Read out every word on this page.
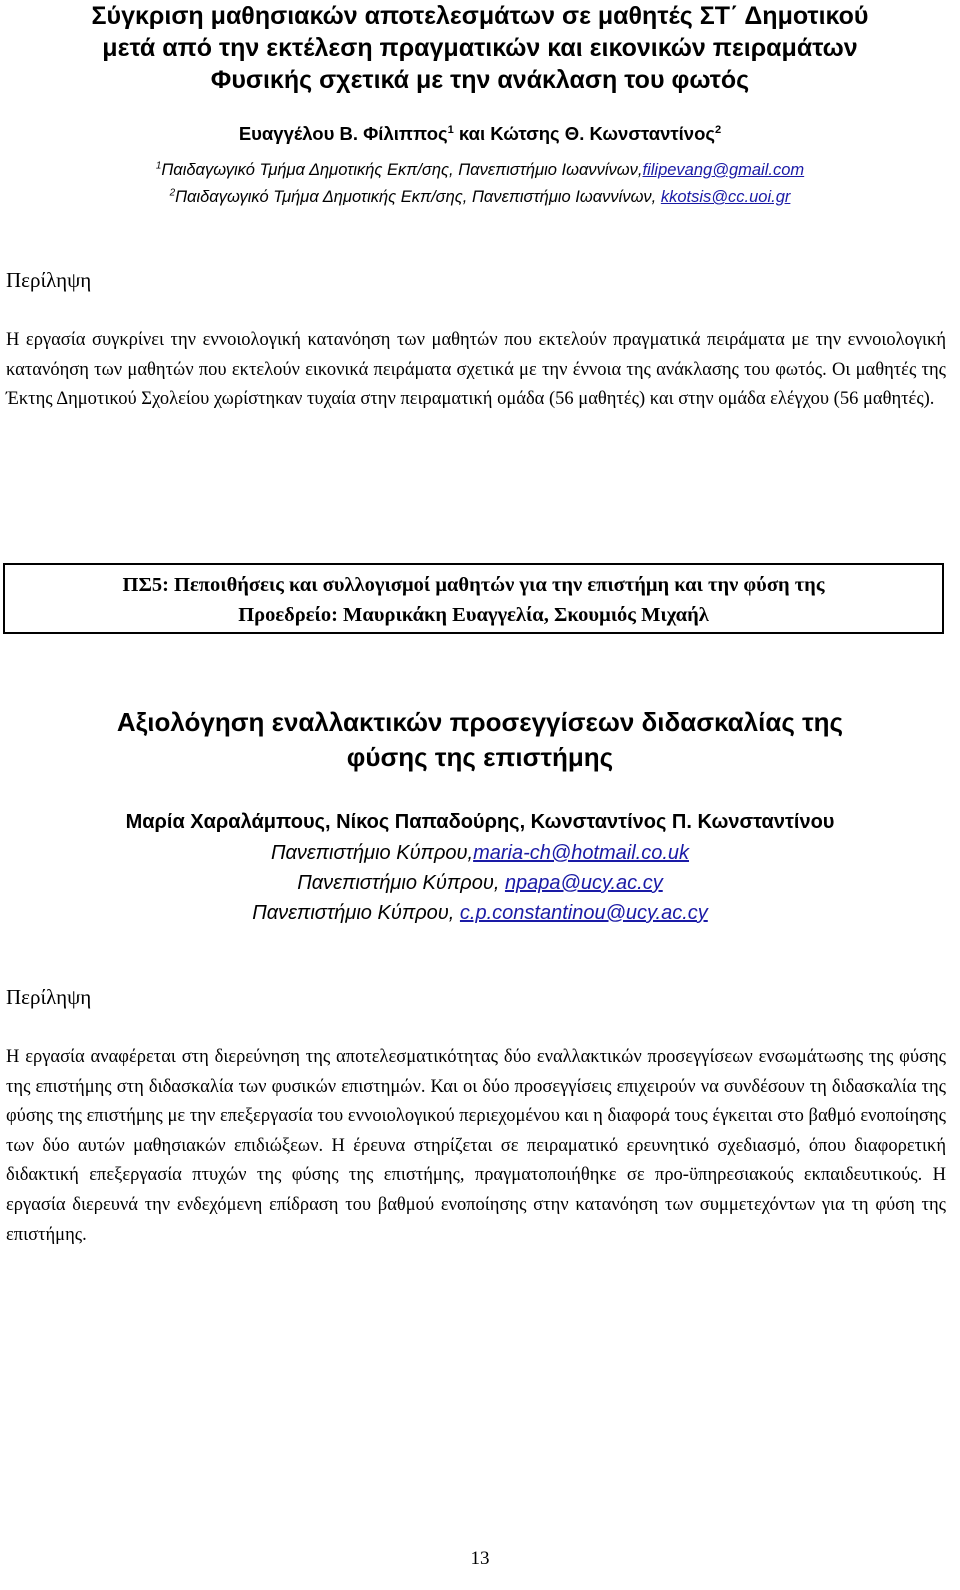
Σύγκριση μαθησιακών αποτελεσμάτων σε μαθητές ΣΤ΄ Δημοτικού
μετά από την εκτέλεση πραγματικών και εικονικών πειραμάτων
Φυσικής σχετικά με την ανάκλαση του φωτός
Ευαγγέλου Β. Φίλιππος$^1$ και Κώτσης Θ. Κωνσταντίνος$^2$
$^1$Παιδαγωγικό Τμήμα Δημοτικής Εκπ/σης, Πανεπιστήμιο Ιωαννίνων,filipevang@gmail.com
$^2$Παιδαγωγικό Τμήμα Δημοτικής Εκπ/σης, Πανεπιστήμιο Ιωαννίνων, kkotsis@cc.uoi.gr
Περίληψη

Η εργασία συγκρίνει την εννοιολογική κατανόηση των μαθητών που εκτελούν πραγματικά πειράματα με την εννοιολογική κατανόηση των μαθητών που εκτελούν εικονικά πειράματα σχετικά με την έννοια της ανάκλασης του φωτός. Οι μαθητές της Έκτης Δημοτικού Σχολείου χωρίστηκαν τυχαία στην πειραματική ομάδα (56 μαθητές) και στην ομάδα ελέγχου (56 μαθητές).

ΠΣ5: Πεποιθήσεις και συλλογισμοί μαθητών για την επιστήμη και την φύση της
Προεδρείο: Μαυρικάκη Ευαγγελία, Σκουμιός Μιχαήλ
Αξιολόγηση εναλλακτικών προσεγγίσεων διδασκαλίας της
φύσης της επιστήμης
Μαρία Χαραλάμπους, Νίκος Παπαδούρης, Κωνσταντίνος Π. Κωνσταντίνου
Πανεπιστήμιο Κύπρου,maria-ch@hotmail.co.uk
Πανεπιστήμιο Κύπρου, npapa@ucy.ac.cy
Πανεπιστήμιο Κύπρου, c.p.constantinou@ucy.ac.cy
Περίληψη

Η εργασία αναφέρεται στη διερεύνηση της αποτελεσματικότητας δύο εναλλακτικών προσεγγίσεων ενσωμάτωσης της φύσης της επιστήμης στη διδασκαλία των φυσικών επιστημών. Και οι δύο προσεγγίσεις επιχειρούν να συνδέσουν τη διδασκαλία της φύσης της επιστήμης με την επεξεργασία του εννοιολογικού περιεχομένου και η διαφορά τους έγκειται στο βαθμό ενοποίησης των δύο αυτών μαθησιακών επιδιώξεων. Η έρευνα στηρίζεται σε πειραματικό ερευνητικό σχεδιασμό, όπου διαφορετική διδακτική επεξεργασία πτυχών της φύσης της επιστήμης, πραγματοποιήθηκε σε προ-ϋπηρεσιακούς εκπαιδευτικούς. Η εργασία διερευνά την ενδεχόμενη επίδραση του βαθμού ενοποίησης στην κατανόηση των συμμετεχόντων για τη φύση της επιστήμης.

13
